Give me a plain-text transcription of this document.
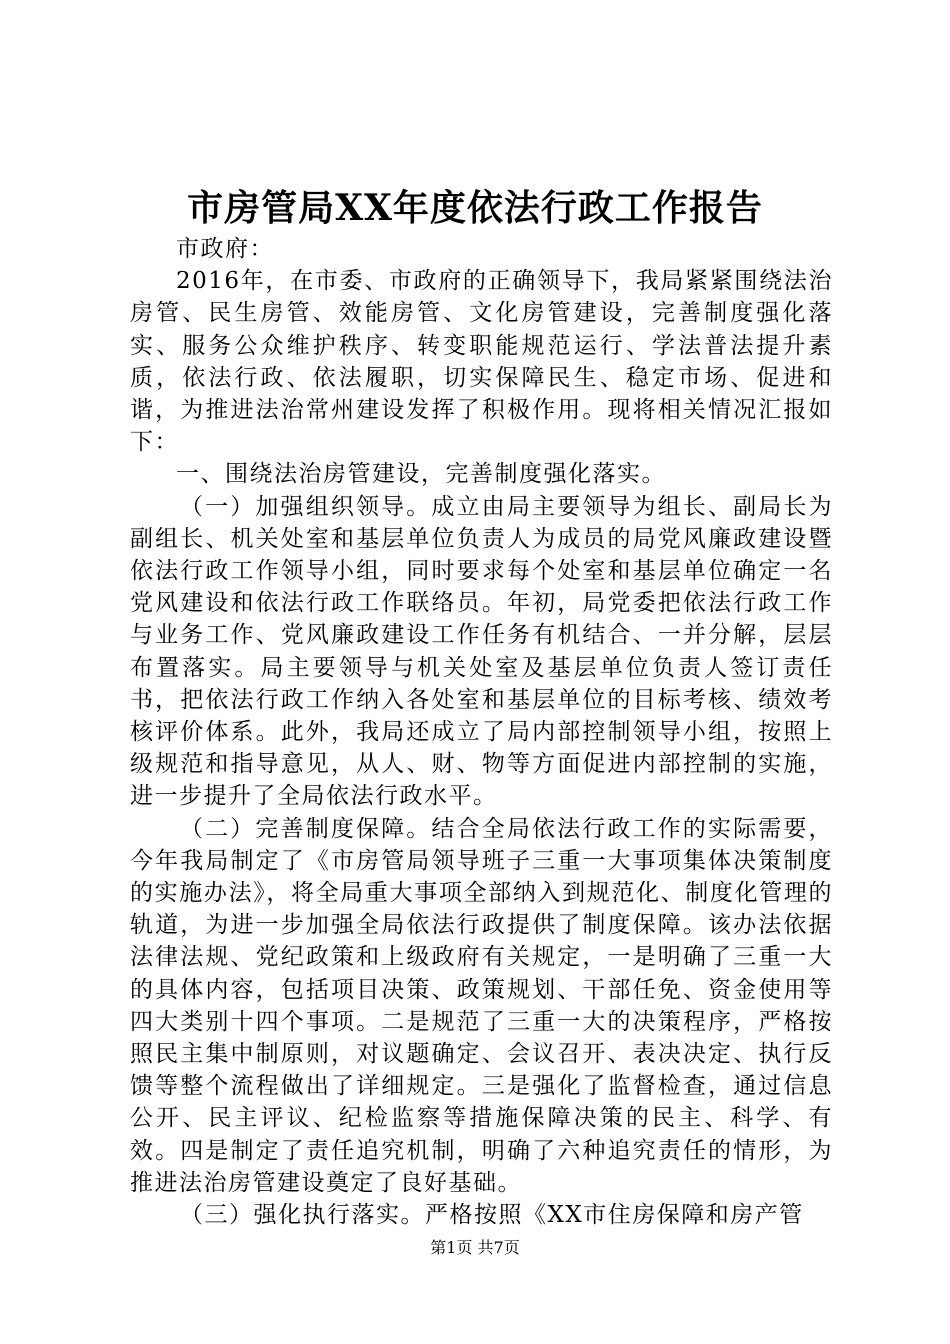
市房管局XX年度依法行政工作报告

市政府：

2016年，在市委、市政府的正确领导下，我局紧紧围绕法治房管、民生房管、效能房管、文化房管建设，完善制度强化落实、服务公众维护秩序、转变职能规范运行、学法普法提升素质，依法行政、依法履职，切实保障民生、稳定市场、促进和谐，为推进法治常州建设发挥了积极作用。现将相关情况汇报如下：

一、围绕法治房管建设，完善制度强化落实。

（一）加强组织领导。成立由局主要领导为组长、副局长为副组长、机关处室和基层单位负责人为成员的局党风廉政建设暨依法行政工作领导小组，同时要求每个处室和基层单位确定一名党风建设和依法行政工作联络员。年初，局党委把依法行政工作与业务工作、党风廉政建设工作任务有机结合、一并分解，层层布置落实。局主要领导与机关处室及基层单位负责人签订责任书，把依法行政工作纳入各处室和基层单位的目标考核、绩效考核评价体系。此外，我局还成立了局内部控制领导小组，按照上级规范和指导意见，从人、财、物等方面促进内部控制的实施，进一步提升了全局依法行政水平。

（二）完善制度保障。结合全局依法行政工作的实际需要，今年我局制定了《市房管局领导班子三重一大事项集体决策制度的实施办法》，将全局重大事项全部纳入到规范化、制度化管理的轨道，为进一步加强全局依法行政提供了制度保障。该办法依据法律法规、党纪政策和上级政府有关规定，一是明确了三重一大的具体内容，包括项目决策、政策规划、干部任免、资金使用等四大类别十四个事项。二是规范了三重一大的决策程序，严格按照民主集中制原则，对议题确定、会议召开、表决决定、执行反馈等整个流程做出了详细规定。三是强化了监督检查，通过信息公开、民主评议、纪检监察等措施保障决策的民主、科学、有效。四是制定了责任追究机制，明确了六种追究责任的情形，为推进法治房管建设奠定了良好基础。

（三）强化执行落实。严格按照《XX市住房保障和房产管

第1页 共7页
